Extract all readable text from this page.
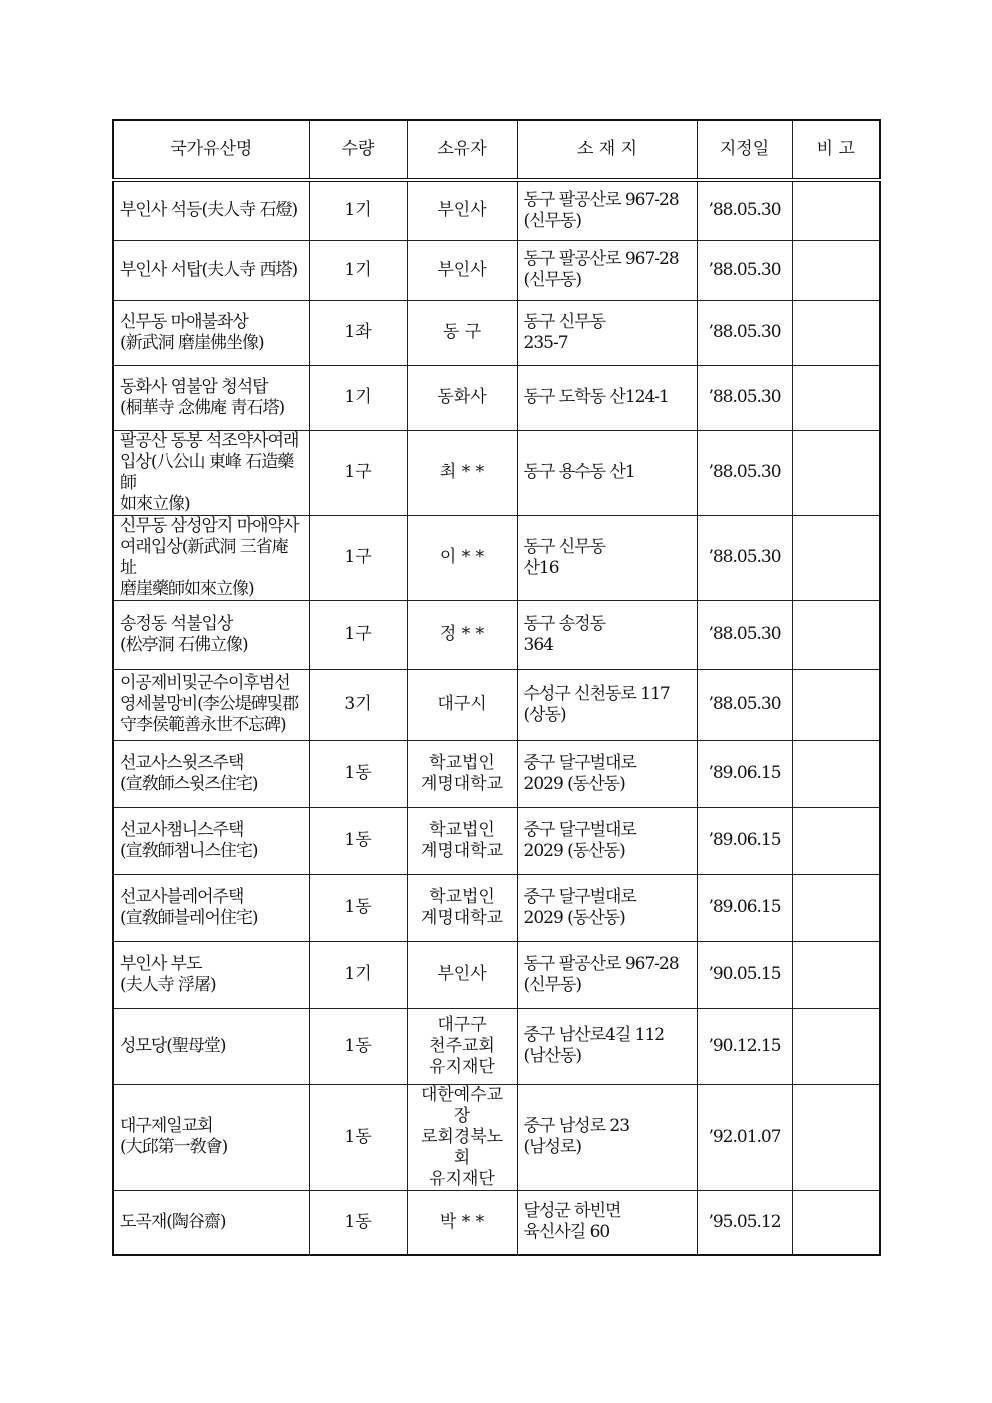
국가유산명	수량	소유자	소 재 지	지정일	비 고

부인사 석등(夫人寺 石燈)	1기	부인사	동구 팔공산로 967-28
(신무동)	’88.05.30	

부인사 서탑(夫人寺 西塔)	1기	부인사	동구 팔공산로 967-28
(신무동)	’88.05.30	

신무동 마애불좌상
(新武洞 磨崖佛坐像)	1좌	동 구	동구 신무동
235-7	’88.05.30	

동화사 염불암 청석탑
(桐華寺 念佛庵 靑石塔)	1기	동화사	동구 도학동 산124-1	’88.05.30	

팔공산 동봉 석조약사여래
입상(八公山 東峰 石造藥師
如來立像)	1구	최 * *	동구 용수동 산1	’88.05.30	

신무동 삼성암지 마애약사
여래입상(新武洞 三省庵址
磨崖藥師如來立像)	1구	이 * *	동구 신무동
산16	’88.05.30	

송정동 석불입상
(松亭洞 石佛立像)	1구	정 * *	동구 송정동
364	’88.05.30	

이공제비및군수이후범선
영세불망비(李公堤碑및郡
守李侯範善永世不忘碑)	3기	대구시	수성구 신천동로 117
(상동)	’88.05.30	

선교사스윗즈주택
(宣敎師스윗즈住宅)	1동	학교법인
계명대학교	중구 달구벌대로
2029 (동산동)	’89.06.15	

선교사챔니스주택
(宣敎師챔니스住宅)	1동	학교법인
계명대학교	중구 달구벌대로
2029 (동산동)	’89.06.15	

선교사블레어주택
(宣敎師블레어住宅)	1동	학교법인
계명대학교	중구 달구벌대로
2029 (동산동)	’89.06.15	

부인사 부도
(夫人寺 浮屠)	1기	부인사	동구 팔공산로 967-28
(신무동)	’90.05.15	

성모당(聖母堂)	1동	대구구
천주교회
유지재단	중구 남산로4길 112
(남산동)	’90.12.15	

대구제일교회
(大邱第一敎會)	1동	대한예수교장
로회경북노회
유지재단	중구 남성로 23
(남성로)	’92.01.07	

도곡재(陶谷齋)	1동	박 * *	달성군 하빈면
육신사길 60	’95.05.12	
